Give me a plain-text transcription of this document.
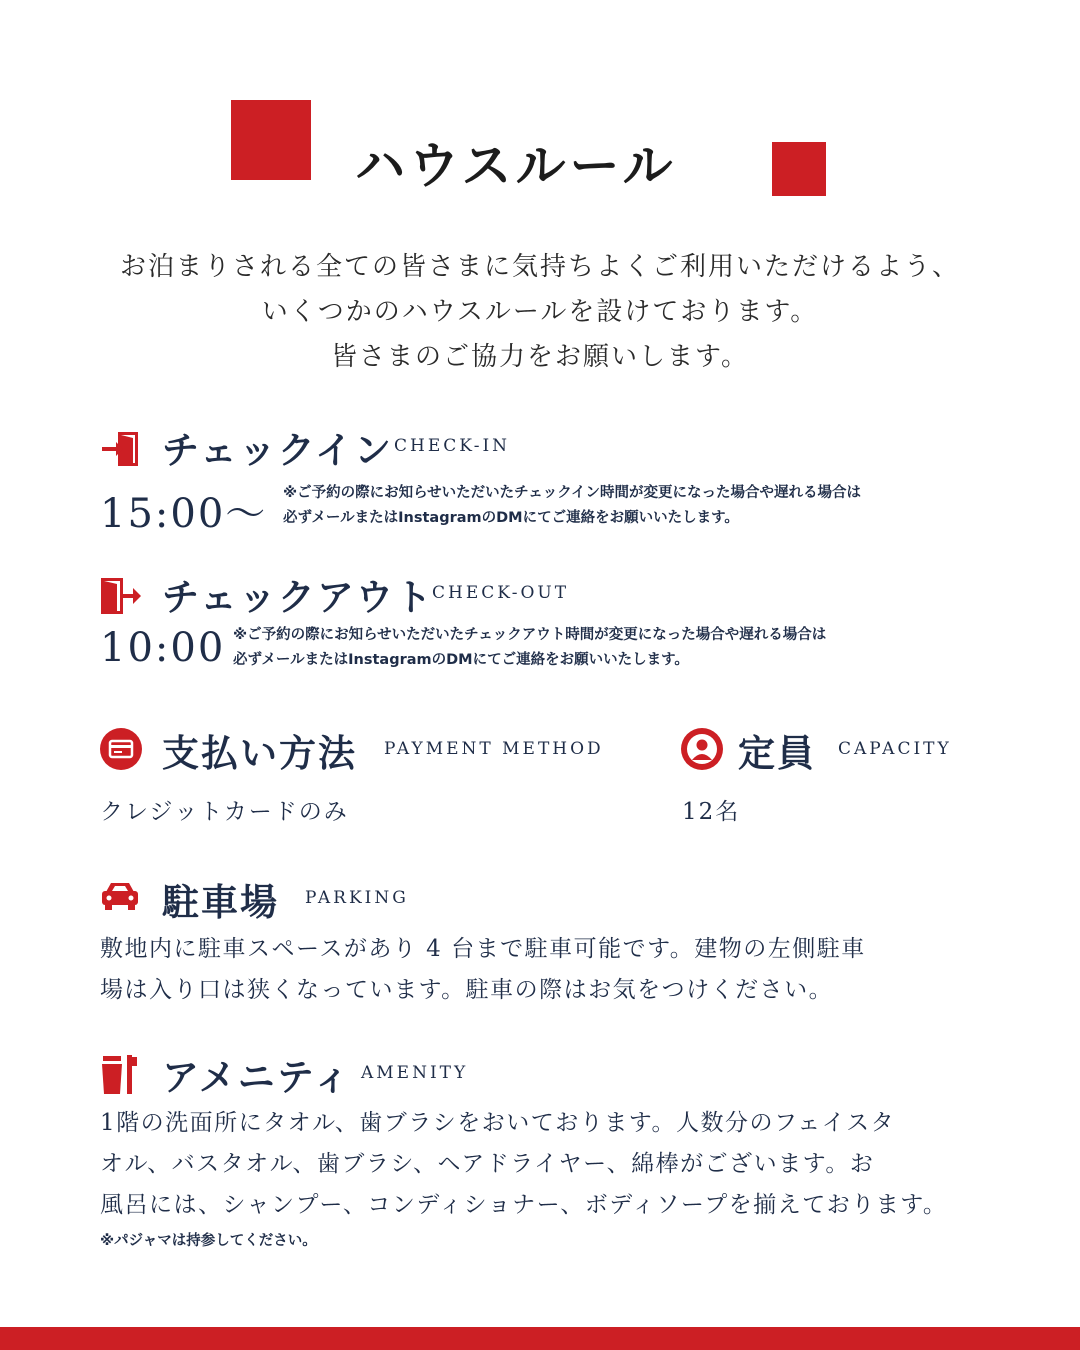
ハウスルール
お泊まりされる全ての皆さまに気持ちよくご利用いただけるよう、
いくつかのハウスルールを設けております。
皆さまのご協力をお願いします。
チェックイン CHECK-IN
15:00〜 ※ご予約の際にお知らせいただいたチェックイン時間が変更になった場合や遅れる場合は
必ずメールまたはInstagramのDMにてご連絡をお願いいたします。
チェックアウト
CHECK-OUT
10:00 ※ご予約の際にお知らせいただいたチェックアウト時間が変更になった場合や遅れる場合は
必ずメールまたはInstagramのDMにてご連絡をお願いいたします。
支払い方法 PAYMENT METHOD
クレジットカードのみ
定員 CAPACITY
12名
駐車場 PARKING
敷地内に駐車スペースがあり 4 台まで駐車可能です。建物の左側駐車
場は入り口は狭くなっています。駐車の際はお気をつけください。
アメニティ AMENITY
1階の洗面所にタオル、歯ブラシをおいております。人数分のフェイスタ
オル、バスタオル、歯ブラシ、ヘアドライヤー、綿棒がございます。お
風呂には、シャンプー、コンディショナー、ボディソープを揃えております。
※パジャマは持参してください。
